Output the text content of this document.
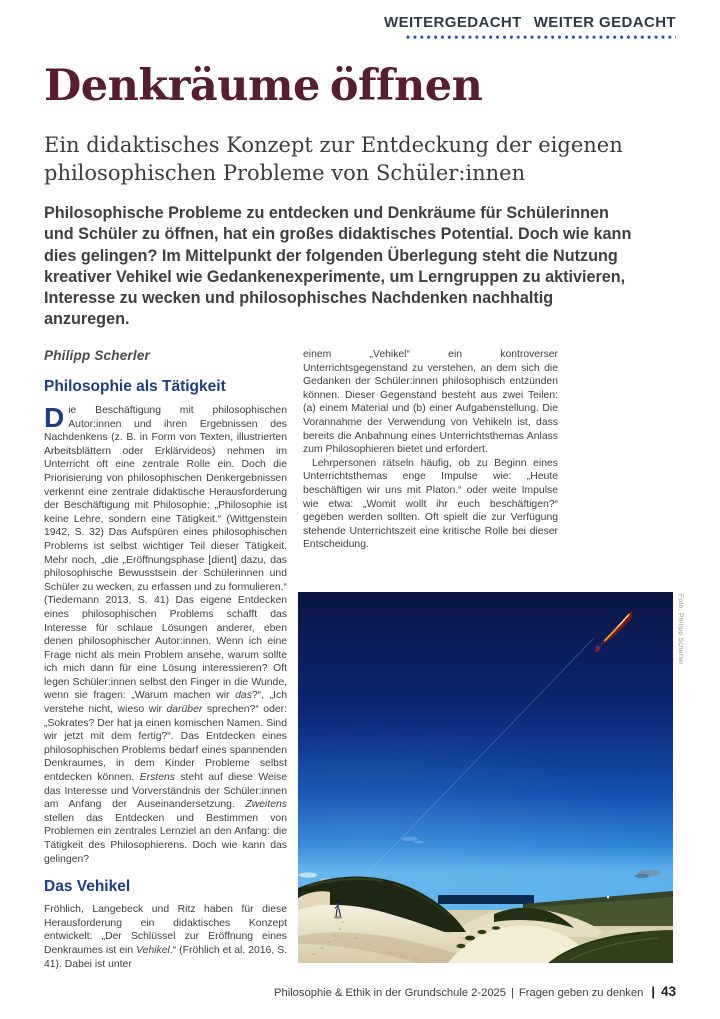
WEITERGEDACHT WEITER GEDACHT
Denkräume öffnen
Ein didaktisches Konzept zur Entdeckung der eigenen philosophischen Probleme von Schüler:innen

Philosophische Probleme zu entdecken und Denkräume für Schülerinnen und Schüler zu öffnen, hat ein großes didaktisches Potential. Doch wie kann dies gelingen? Im Mittelpunkt der folgenden Überlegung steht die Nutzung kreativer Vehikel wie Gedankenexperimente, um Lerngruppen zu aktivieren, Interesse zu wecken und philosophisches Nachdenken nachhaltig anzuregen.

Philipp Scherler

Philosophie als Tätigkeit

Die Beschäftigung mit philosophischen Autor:innen und ihren Ergebnissen des Nachdenkens (z. B. in Form von Texten, illustrierten Arbeitsblättern oder Erklärvideos) nehmen im Unterricht oft eine zentrale Rolle ein. Doch die Priorisierung von philosophischen Denkergebnissen verkennt eine zentrale didaktische Herausforderung der Beschäftigung mit Philosophie: „Philosophie ist keine Lehre, sondern eine Tätigkeit.“ (Wittgenstein 1942, S. 32) Das Aufspüren eines philosophischen Problems ist selbst wichtiger Teil dieser Tätigkeit. Mehr noch, „die „Eröffnungsphase [dient] dazu, das philosophische Bewusstsein der Schülerinnen und Schüler zu wecken, zu erfassen und zu formulieren.“ (Tiedemann 2013, S. 41) Das eigene Entdecken eines philosophischen Problems schafft das Interesse für schlaue Lösungen anderer, eben denen philosophischer Autor:innen. Wenn ich eine Frage nicht als mein Problem ansehe, warum sollte ich mich dann für eine Lösung interessieren? Oft legen Schüler:innen selbst den Finger in die Wunde, wenn sie fragen: „Warum machen wir das?“, „Ich verstehe nicht, wieso wir darüber sprechen?“ oder: „Sokrates? Der hat ja einen komischen Namen. Sind wir jetzt mit dem fertig?“. Das Entdecken eines philosophischen Problems bedarf eines spannenden Denkraumes, in dem Kinder Probleme selbst entdecken können. Erstens steht auf diese Weise das Interesse und Vorverständnis der Schüler:innen am Anfang der Auseinandersetzung. Zweitens stellen das Entdecken und Bestimmen von Problemen ein zentrales Lernziel an den Anfang: die Tätigkeit des Philosophierens. Doch wie kann das gelingen?

Das Vehikel

Fröhlich, Langebeck und Ritz haben für diese Herausforderung ein didaktisches Konzept entwickelt: „Der Schlüssel zur Eröffnung eines Denkraumes ist ein Vehikel.“ (Fröhlich et al. 2016, S. 41). Dabei ist unter

einem „Vehikel“ ein kontroverser Unterrichtsgegenstand zu verstehen, an dem sich die Gedanken der Schüler:innen philosophisch entzünden können. Dieser Gegenstand besteht aus zwei Teilen: (a) einem Material und (b) einer Aufgabenstellung. Die Vorannahme der Verwendung von Vehikeln ist, dass bereits die Anbahnung eines Unterrichtsthemas Anlass zum Philosophieren bietet und erfordert.

Lehrpersonen rätseln häufig, ob zu Beginn eines Unterrichtsthemas enge Impulse wie: „Heute beschäftigen wir uns mit Platon.“ oder weite Impulse wie etwa: „Womit wollt ihr euch beschäftigen?“ gegeben werden sollten. Oft spielt die zur Verfügung stehende Unterrichtszeit eine kritische Rolle bei dieser Entscheidung.

Foto: Philipp Scherler
Philosophie & Ethik in der Grundschule 2-2025 | Fragen geben zu denken | 43
